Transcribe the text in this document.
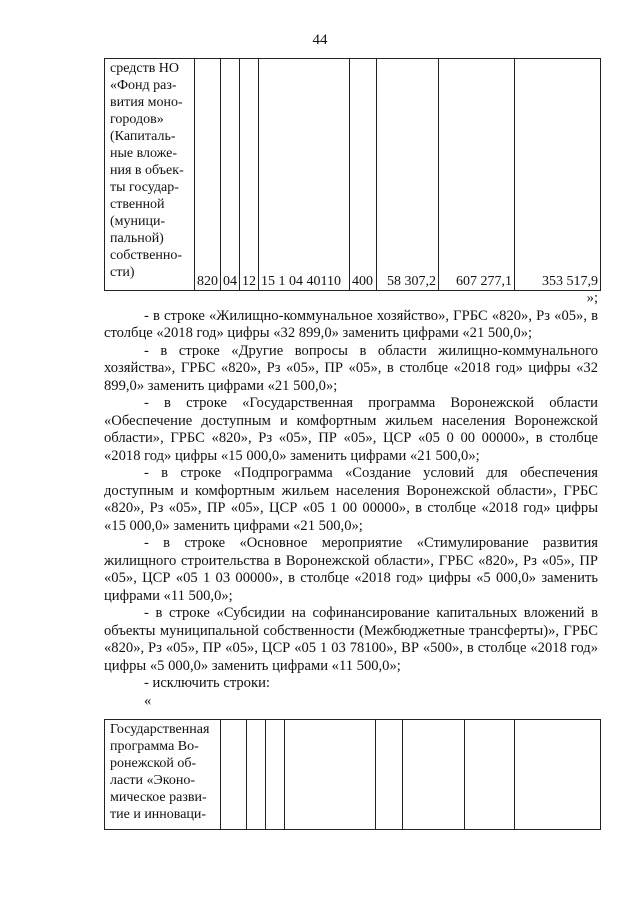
44
средств НО
«Фонд раз-
вития моно-
городов»
(Капиталь-
ные вложе-
ния в объек-
ты государ-
ственной
(муници-
пальной)
собственно-
сти)
	820	04	12	15 1 04 40110	400	58 307,2	607 277,1	353 517,9

»;

- в строке «Жилищно-коммунальное хозяйство», ГРБС «820», Рз «05», в столбце «2018 год» цифры «32 899,0» заменить цифрами «21 500,0»;

- в строке «Другие вопросы в области жилищно-коммунального хозяйства», ГРБС «820», Рз «05», ПР «05», в столбце «2018 год» цифры «32 899,0» заменить цифрами «21 500,0»;

- в строке «Государственная программа Воронежской области «Обеспечение доступным и комфортным жильем населения Воронежской области», ГРБС «820», Рз «05», ПР «05», ЦСР «05 0 00 00000», в столбце «2018 год» цифры «15 000,0» заменить цифрами «21 500,0»;

- в строке «Подпрограмма «Создание условий для обеспечения доступным и комфортным жильем населения Воронежской области», ГРБС «820», Рз «05», ПР «05», ЦСР «05 1 00 00000», в столбце «2018 год» цифры «15 000,0» заменить цифрами «21 500,0»;

- в строке «Основное мероприятие «Стимулирование развития жилищного строительства в Воронежской области», ГРБС «820», Рз «05», ПР «05», ЦСР «05 1 03 00000», в столбце «2018 год» цифры «5 000,0» заменить цифрами «11 500,0»;

- в строке «Субсидии на софинансирование капитальных вложений в объекты муниципальной собственности (Межбюджетные трансферты)», ГРБС «820», Рз «05», ПР «05», ЦСР «05 1 03 78100», ВР «500», в столбце «2018 год» цифры «5 000,0» заменить цифрами «11 500,0»;

- исключить строки:

«

Государственная
программа Во-
ронежской об-
ласти «Эконо-
мическое разви-
тие и инноваци-
